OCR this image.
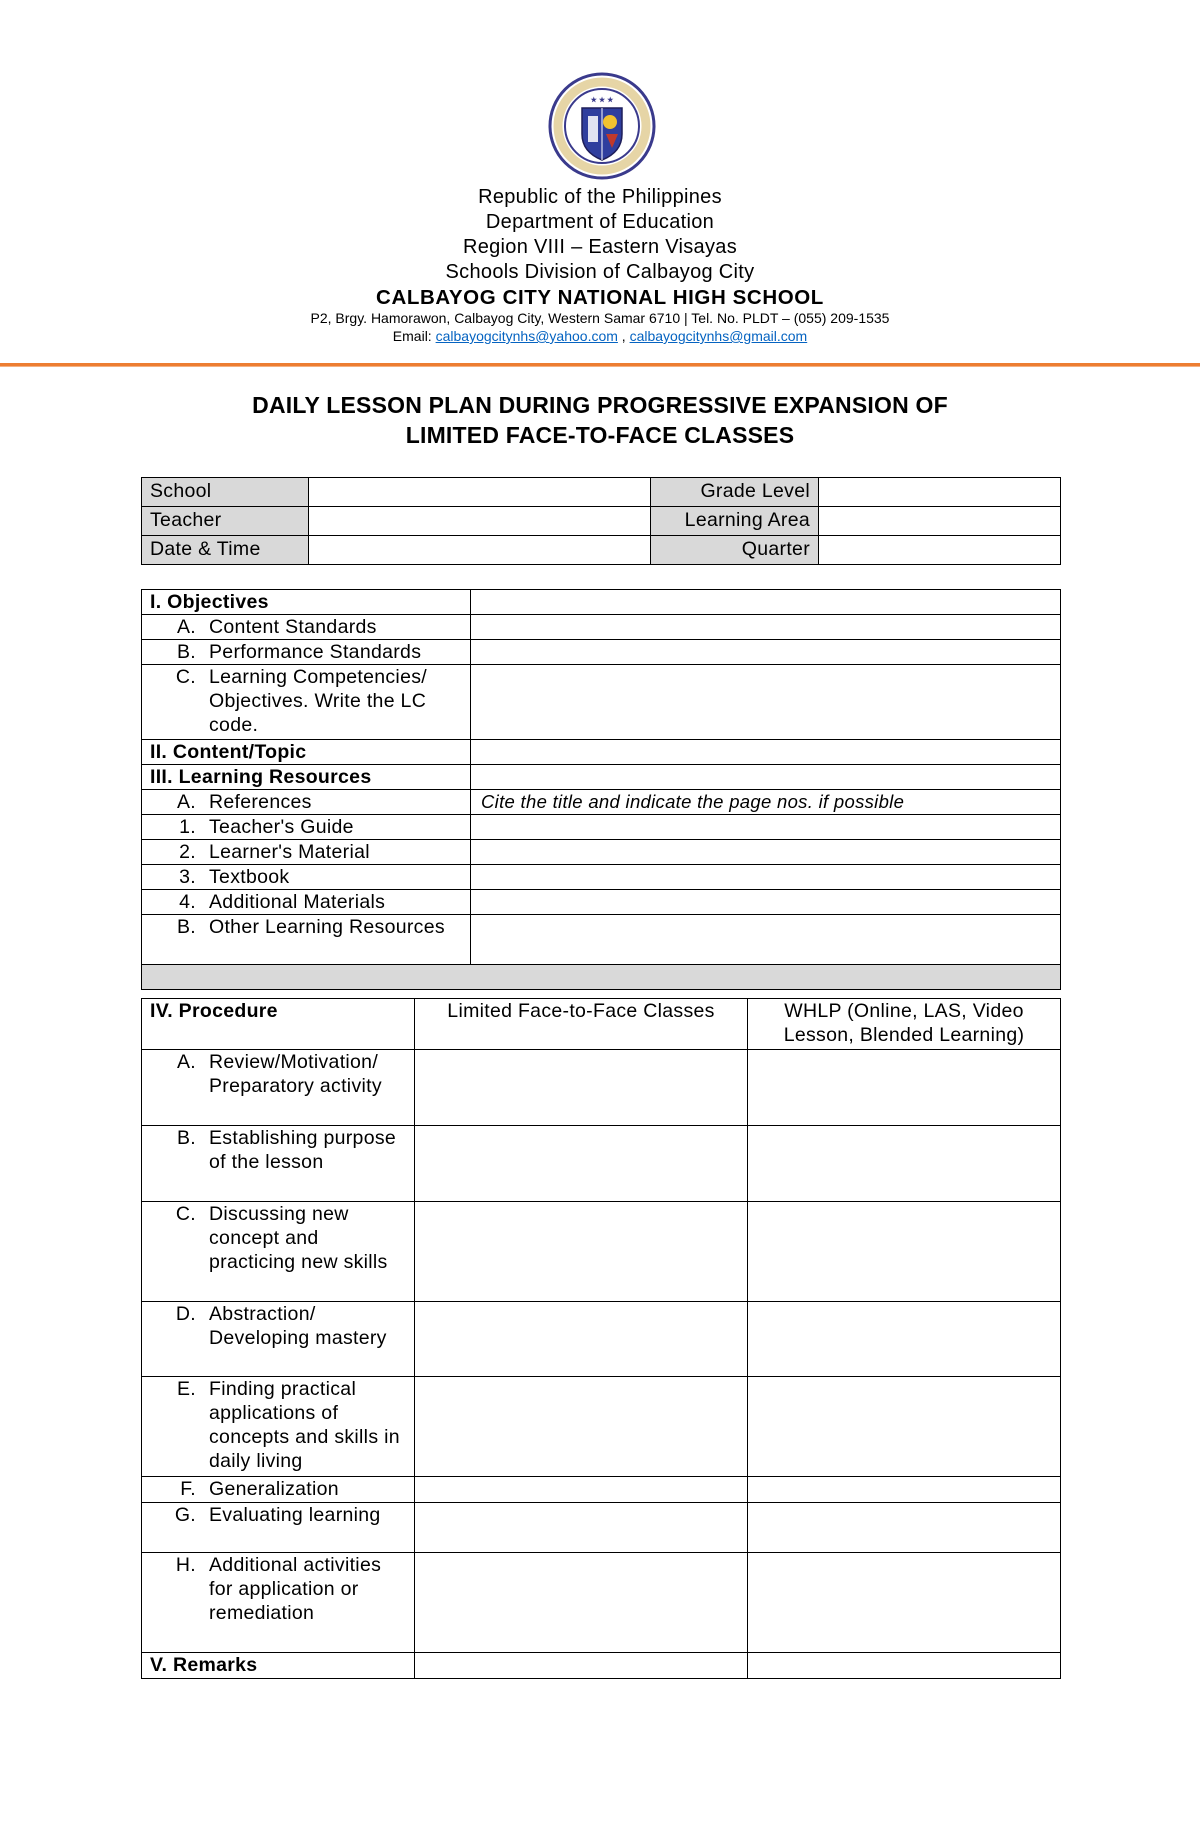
★ ★ ★
Republic of the Philippines
Department of Education
Region VIII – Eastern Visayas
Schools Division of Calbayog City
CALBAYOG CITY NATIONAL HIGH SCHOOL
P2, Brgy. Hamorawon, Calbayog City, Western Samar 6710 | Tel. No. PLDT – (055) 209-1535
Email: calbayogcitynhs@yahoo.com , calbayogcitynhs@gmail.com
DAILY LESSON PLAN DURING PROGRESSIVE EXPANSION OF
LIMITED FACE-TO-FACE CLASSES
School		Grade Level	
Teacher		Learning Area	
Date & Time		Quarter	
I. Objectives	

A. Content Standards	

B. Performance Standards	

C. Learning Competencies/ Objectives. Write the LC code.	

II. Content/Topic	
III. Learning Resources	

A. References	Cite the title and indicate the page nos. if possible

1. Teacher's Guide	

2. Learner's Material	

3. Textbook	

4. Additional Materials	

B. Other Learning Resources	

IV. Procedure	Limited Face-to-Face Classes	WHLP (Online, LAS, Video Lesson, Blended Learning)

A. Review/Motivation/ Preparatory activity		

B. Establishing purpose of the lesson		

C. Discussing new concept and practicing new skills		

D. Abstraction/ Developing mastery		

E. Finding practical applications of concepts and skills in daily living		

F. Generalization		

G. Evaluating learning		

H. Additional activities for application or remediation		

V. Remarks		
